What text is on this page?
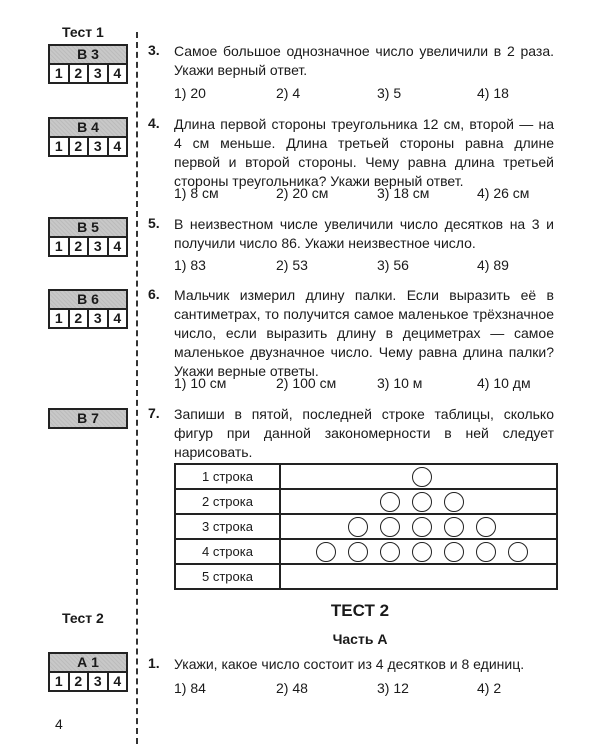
Тест 1
Тест 2
В 3
1 2 3 4
В 4
1 2 3 4
В 5
1 2 3 4
В 6
1 2 3 4
В 7
А 1
1 2 3 4
3. Самое большое однозначное число увеличили в 2 раза. Укажи верный ответ.
1) 20	2) 4	3) 5	4) 18
4. Длина первой стороны треугольника 12 см, второй — на 4 см меньше. Длина третьей стороны равна длине первой и второй стороны. Чему равна длина третьей стороны треугольника? Укажи верный ответ.
1) 8 см	2) 20 см	3) 18 см	4) 26 см
5. В неизвестном числе увеличили число десятков на 3 и получили число 86. Укажи неизвестное число.
1) 83	2) 53	3) 56	4) 89
6. Мальчик измерил длину палки. Если выразить её в сантиметрах, то получится самое маленькое трёхзначное число, если выразить длину в дециметрах — самое маленькое двузначное число. Чему равна длина палки? Укажи верные ответы.
1) 10 см	2) 100 см	3) 10 м	4) 10 дм
7. Запиши в пятой, последней строке таблицы, сколько фигур при данной закономерности в ней следует нарисовать.
1 строка
2 строка
3 строка
4 строка
5 строка
ТЕСТ 2
Часть А
1. Укажи, какое число состоит из 4 десятков и 8 единиц.
1) 84	2) 48	3) 12	4) 2
4
